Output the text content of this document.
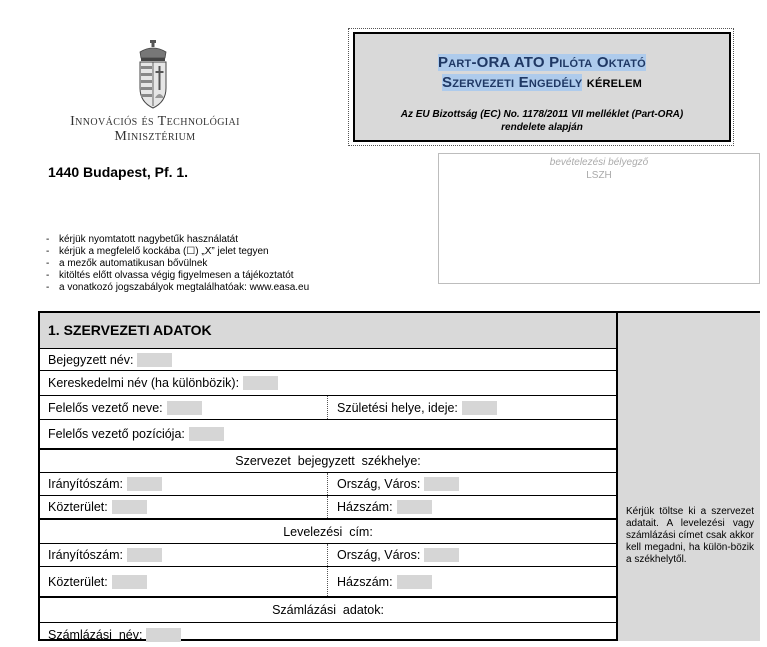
Innovációs és Technológiai
Minisztérium
1440 Budapest, Pf. 1.
Part-ORA ATO Pilóta Oktató
Szervezeti Engedély kérelem
Az EU Bizottság (EC) No. 1178/2011 VII melléklet (Part-ORA)
rendelete alapján
bevételezési bélyegző
LSZH
- kérjük nyomtatott nagybetűk használatát
- kérjük a megfelelő kockába (☐) „X” jelet tegyen
- a mezők automatikusan bővülnek
- kitöltés előtt olvassa végig figyelmesen a tájékoztatót
- a vonatkozó jogszabályok megtalálhatóak: www.easa.eu
1. SZERVEZETI ADATOK
Bejegyzett név:
Kereskedelmi név (ha különbözik):
Felelős vezető neve:	Születési helye, ideje:
Felelős vezető pozíciója:
Szervezet  bejegyzett  székhelye:
Irányítószám:	Ország, Város:
Közterület:	Házszám:
Levelezési  cím:
Irányítószám:	Ország, Város:
Közterület:	Házszám:
Számlázási  adatok:
Számlázási  név:
Kérjük töltse ki a szervezet adatait. A levelezési vagy számlázási címet csak akkor kell megadni, ha külön-bözik a székhelytől.
